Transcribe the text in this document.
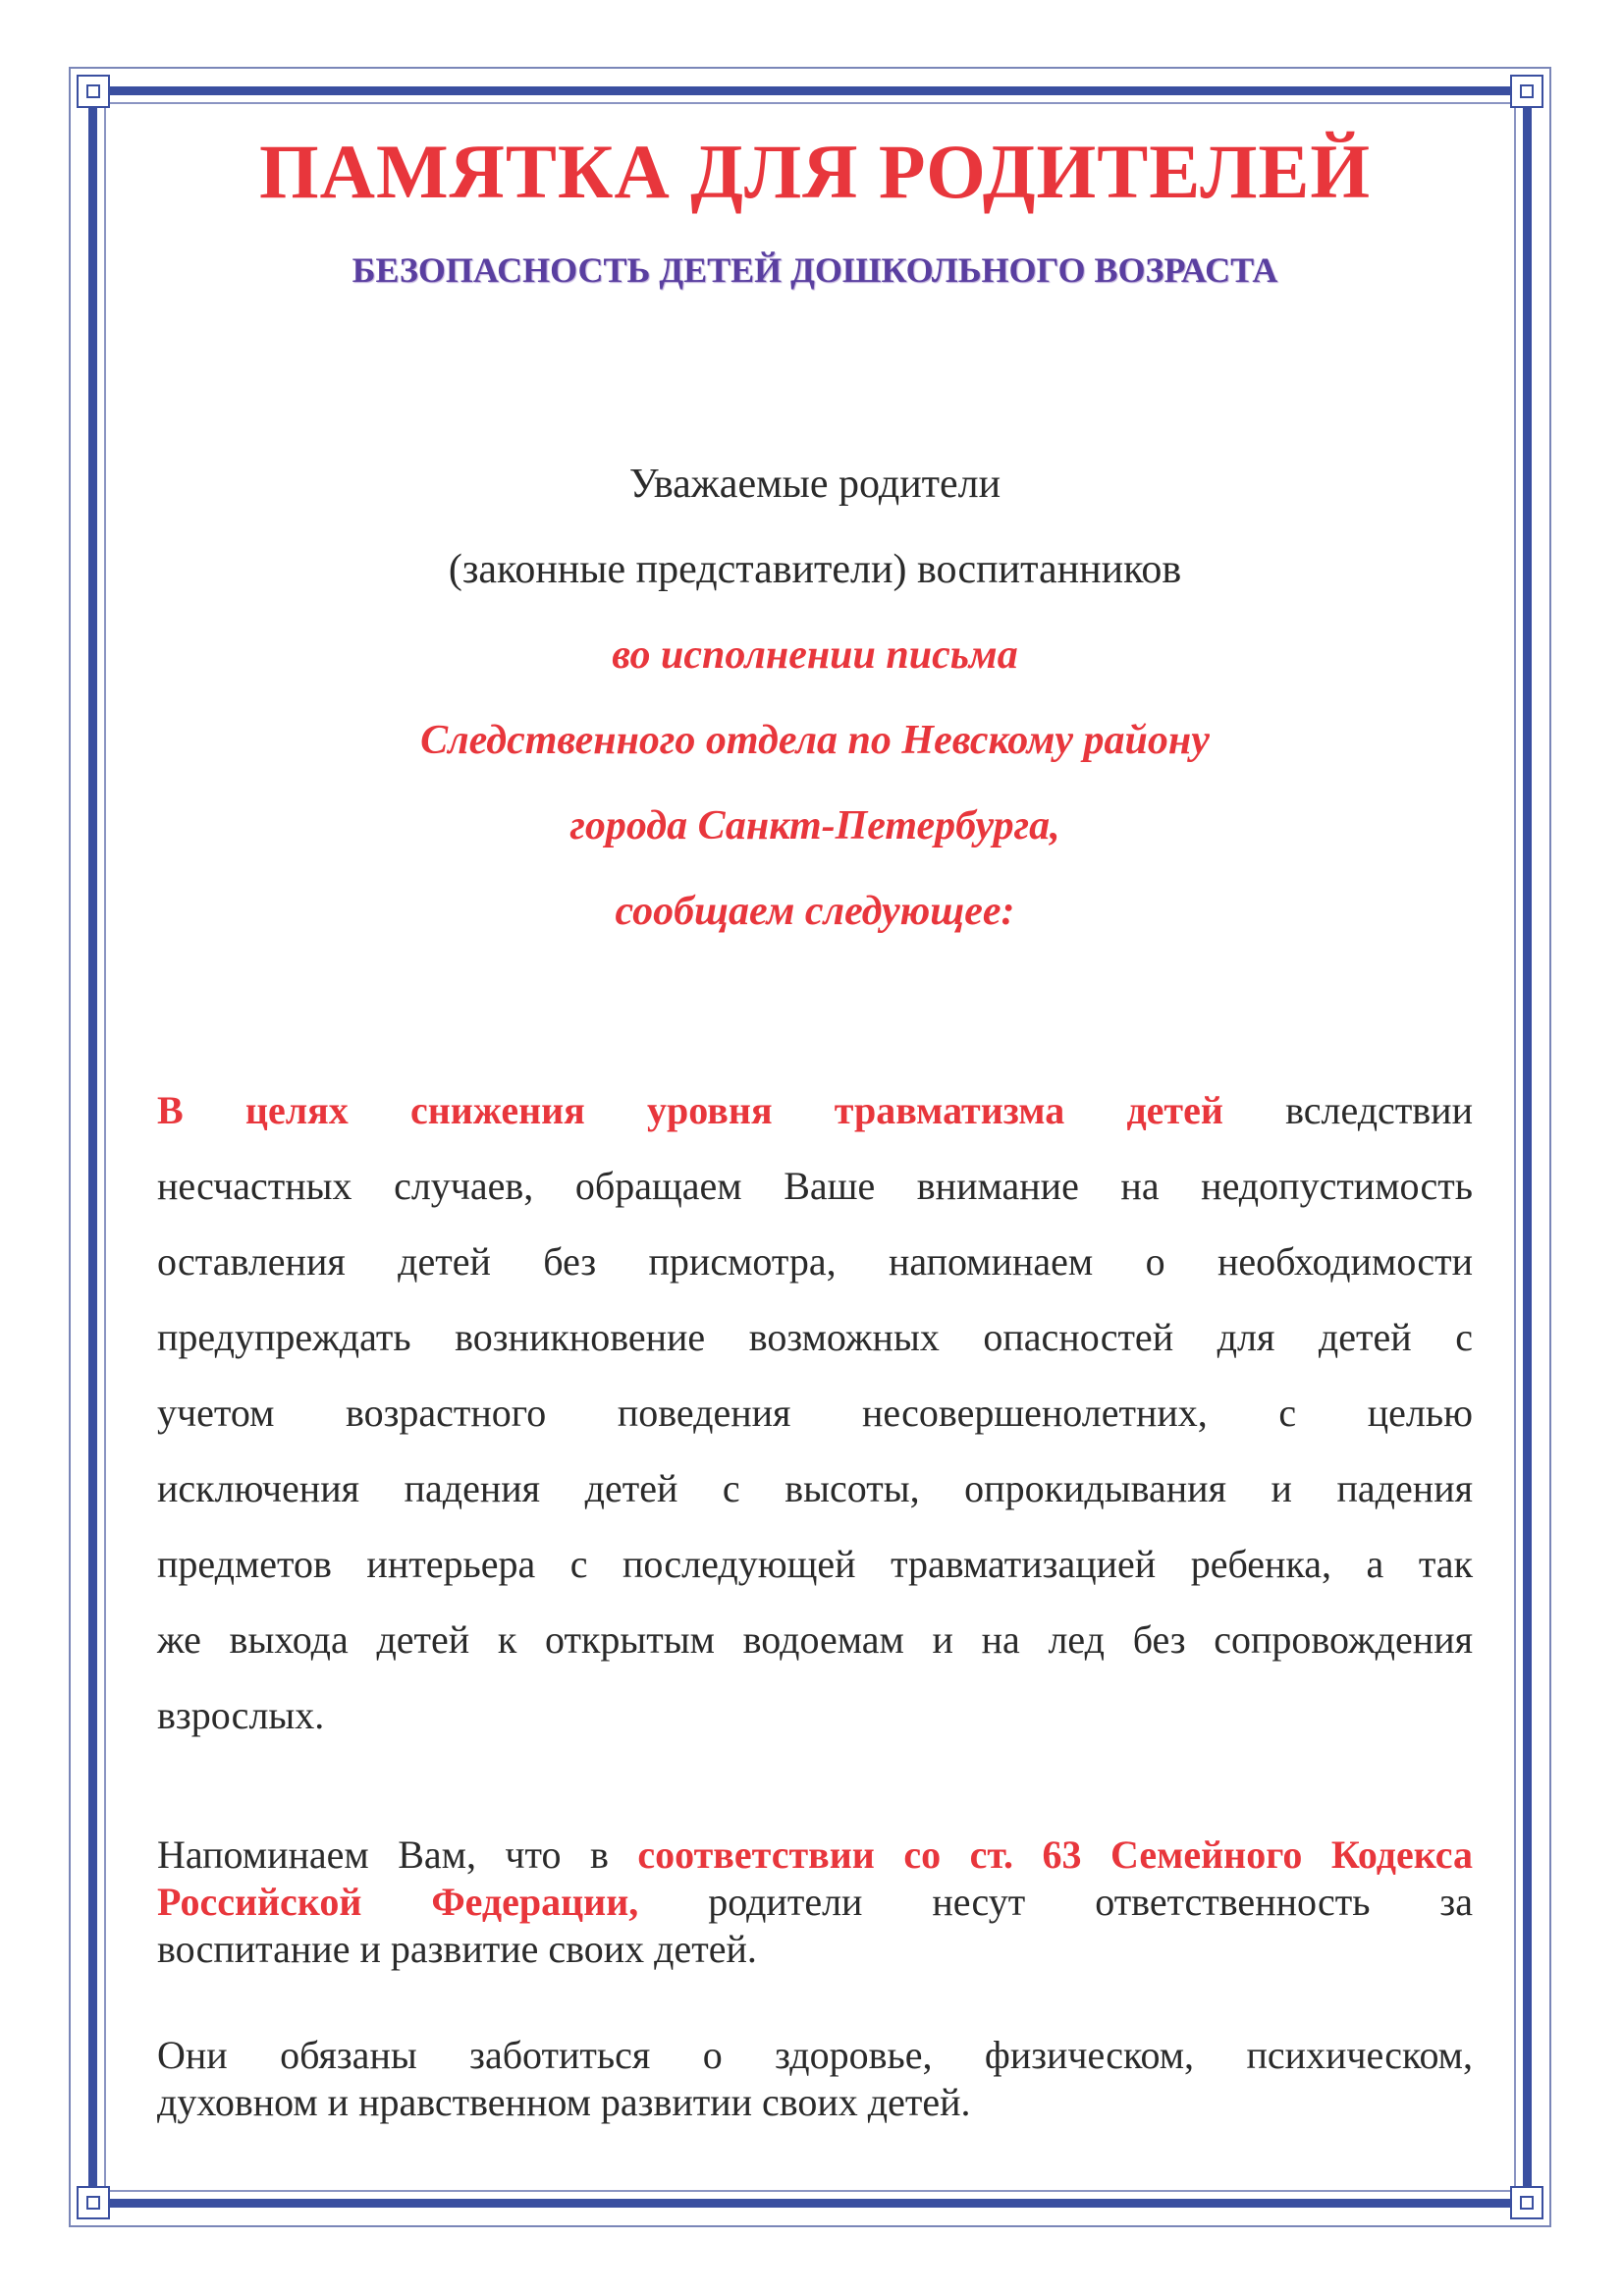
ПАМЯТКА ДЛЯ РОДИТЕЛЕЙ
БЕЗОПАСНОСТЬ ДЕТЕЙ ДОШКОЛЬНОГО ВОЗРАСТА
Уважаемые родители
(законные представители) воспитанников
во исполнении письма
Следственного отдела по Невскому району
города Санкт-Петербурга,
сообщаем следующее:
В целях снижения уровня травматизма детей вследствии
несчастных случаев, обращаем Ваше внимание на недопустимость
оставления детей без присмотра, напоминаем о необходимости
предупреждать возникновение возможных опасностей для детей с
учетом возрастного поведения несовершенолетних, с целью
исключения падения детей с высоты, опрокидывания и падения
предметов интерьера с последующей травматизацией ребенка, а так
же выхода детей к открытым водоемам и на лед без сопровождения
взрослых.
Напоминаем Вам, что в соответствии со ст. 63 Семейного Кодекса
Российской Федерации, родители несут ответственность за
воспитание и развитие своих детей.
Они обязаны заботиться о здоровье, физическом, психическом,
духовном и нравственном развитии своих детей.
